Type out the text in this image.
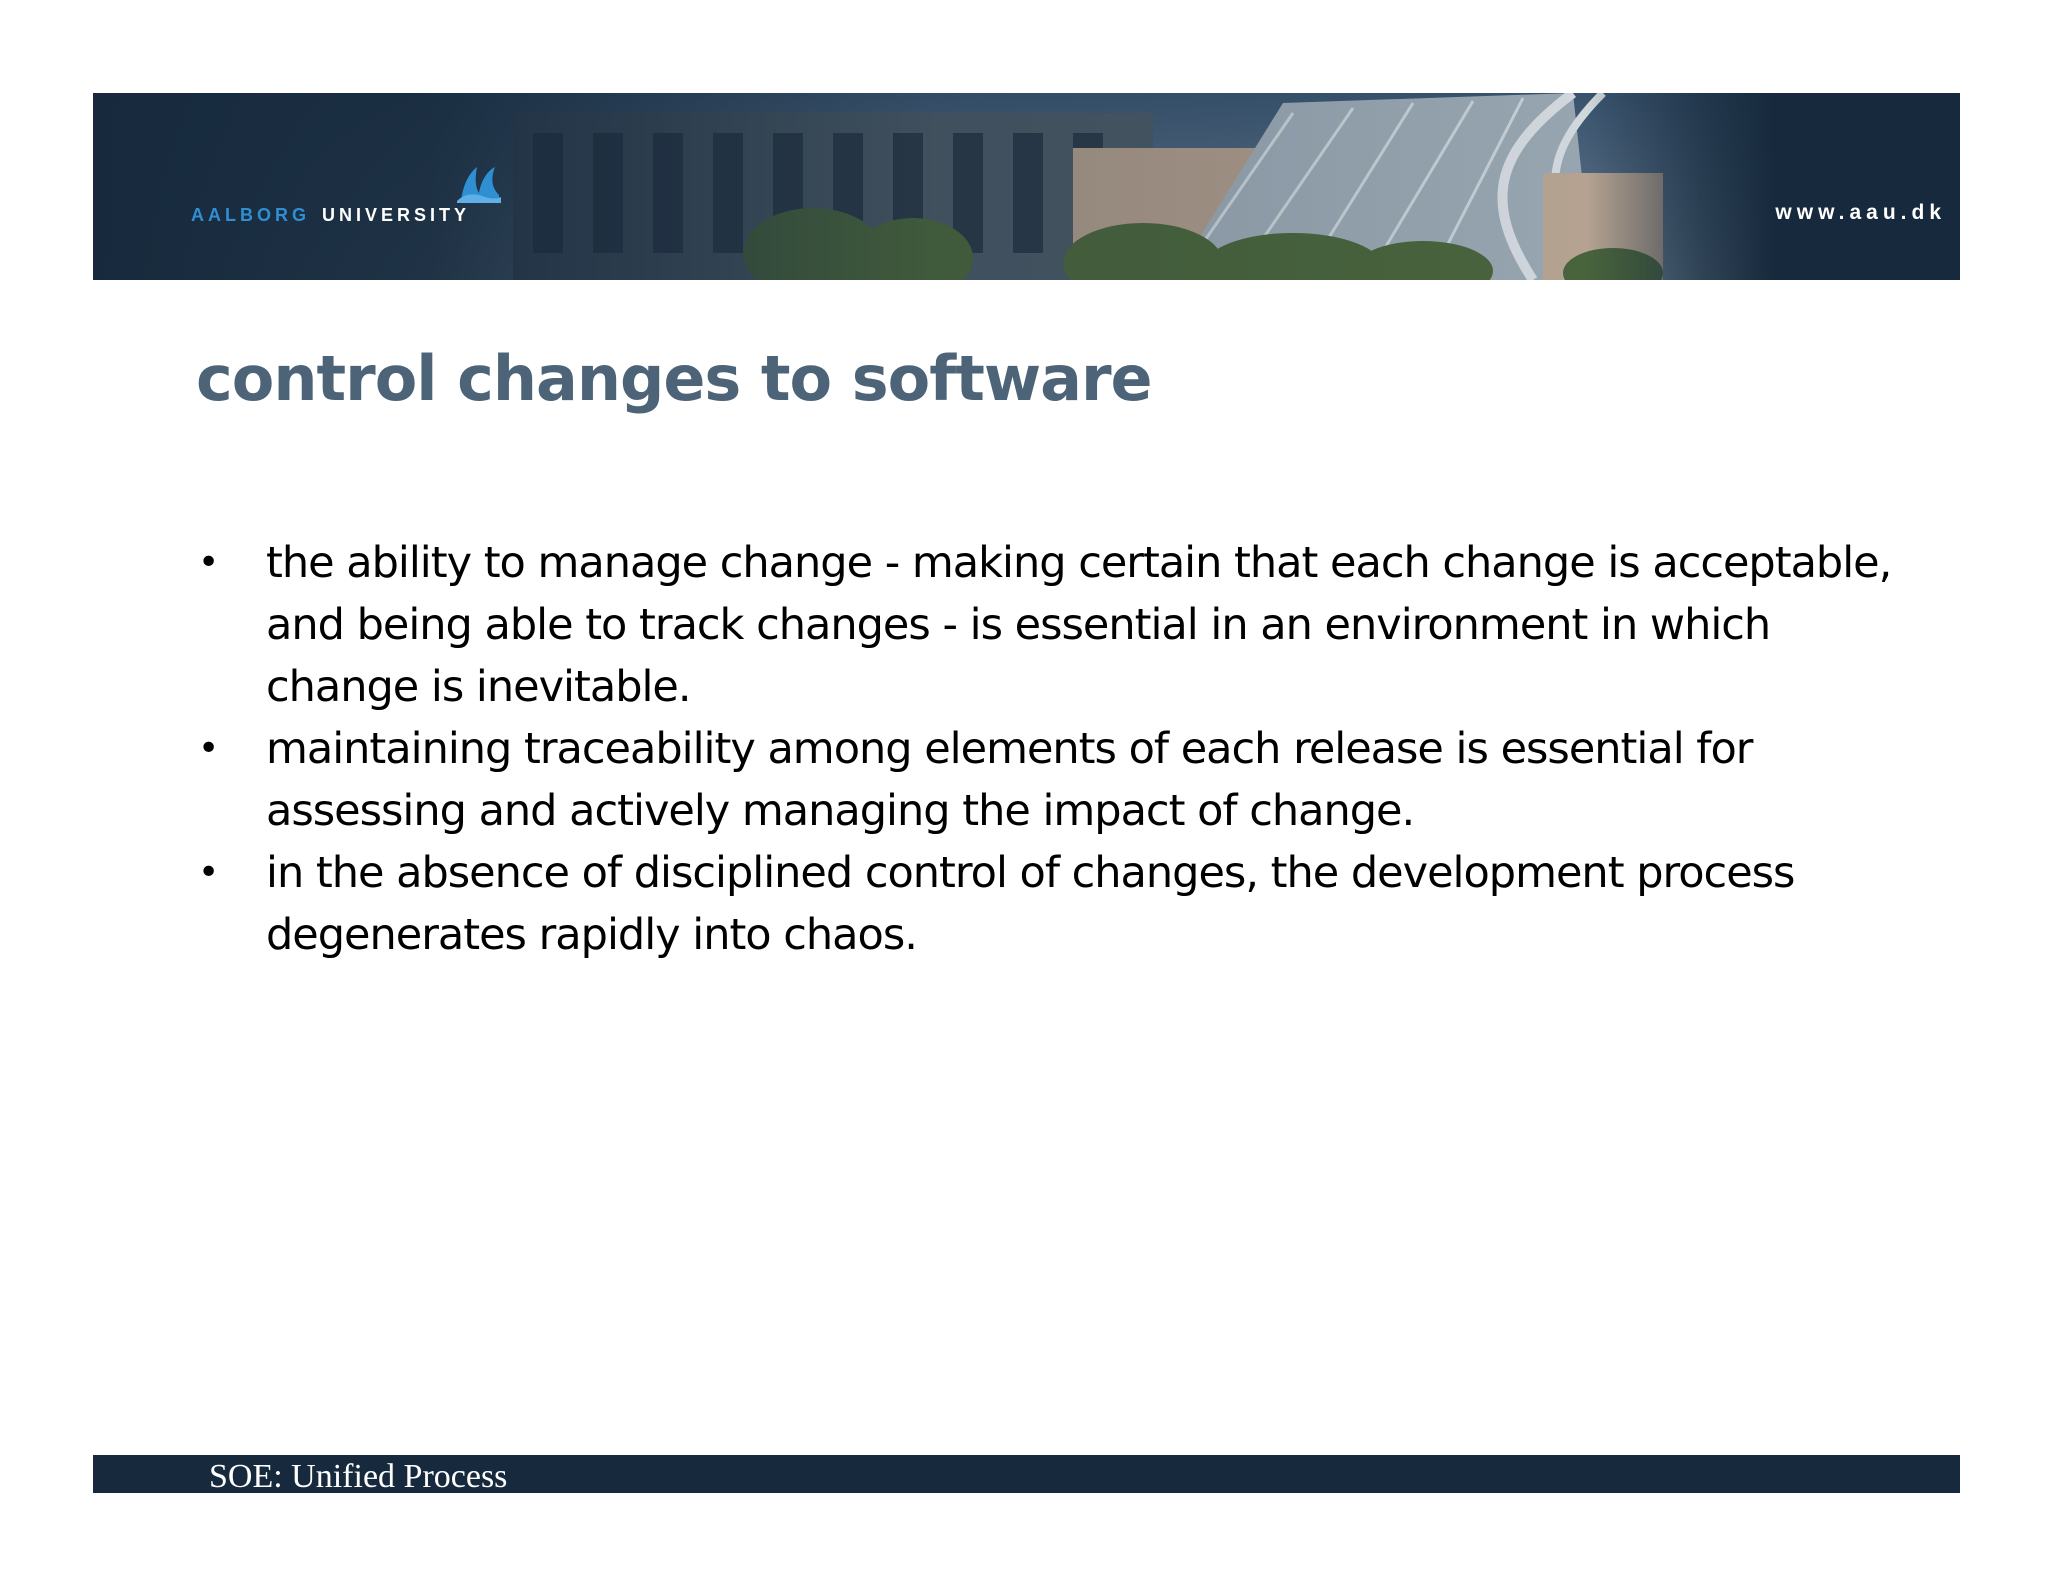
AALBORG UNIVERSITY	www.aau.dk
control changes to software
• the ability to manage change - making certain that each change is acceptable, and being able to track changes - is essential in an environment in which change is inevitable.
• maintaining traceability among elements of each release is essential for assessing and actively managing the impact of change.
• in the absence of disciplined control of changes, the development process degenerates rapidly into chaos.
SOE: Unified Process
